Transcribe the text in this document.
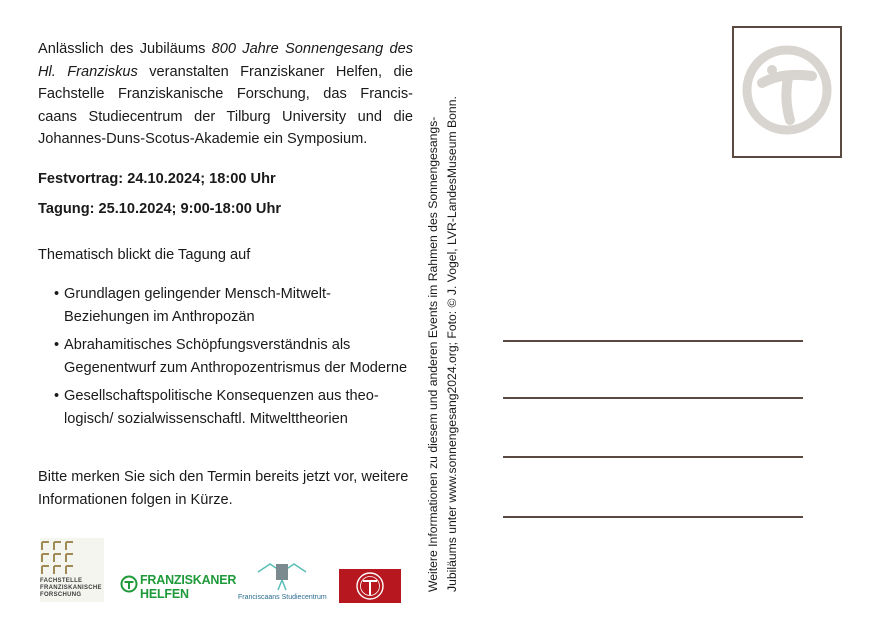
Anlässlich des Jubiläums 800 Jahre Sonnengesang des Hl. Franziskus veranstalten Franziskaner Helfen, die Fachstelle Franziskanische Forschung, das Francis-caans Studiecentrum der Tilburg University und die Johannes-Duns-Scotus-Akademie ein Symposium.

Festvortrag: 24.10.2024; 18:00 Uhr

Tagung: 25.10.2024; 9:00-18:00 Uhr

Thematisch blickt die Tagung auf

• Grundlagen gelingender Mensch-Mitwelt-Beziehungen im Anthropozän
• Abrahamitisches Schöpfungsverständnis als Gegenentwurf zum Anthropozentrismus der Moderne
• Gesellschaftspolitische Konsequenzen aus theo-logisch/ sozialwissenschaftl. Mitwelttheorien

Bitte merken Sie sich den Termin bereits jetzt vor, weitere Informationen folgen in Kürze.	Weitere Informationen zu diesem und anderen Events im Rahmen des Sonnengesangs- Jubiläums unter www.sonnengesang2024.org; Foto: © J. Vogel, LVR-LandesMuseum Bonn.
FACHSTELLE FRANZISKANISCHE FORSCHUNG
FRANZISKANER
HELFEN	Franciscaans Studiecentrum
